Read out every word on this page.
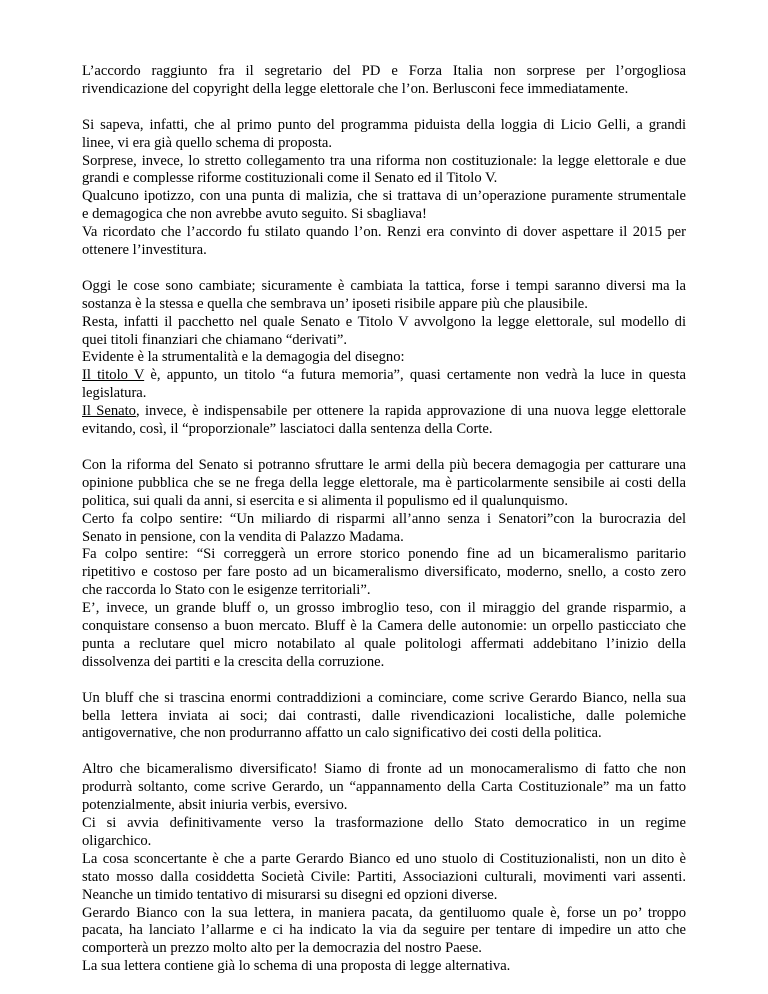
L’accordo raggiunto fra il segretario del PD e Forza Italia non sorprese per l’orgogliosa
rivendicazione del copyright della legge elettorale che l’on. Berlusconi fece immediatamente.

Si sapeva, infatti, che al primo punto del programma piduista della loggia di Licio Gelli, a grandi
linee, vi era già quello schema di proposta.
Sorprese, invece, lo stretto collegamento tra una riforma non costituzionale: la legge elettorale e due
grandi e complesse riforme costituzionali come il Senato ed il Titolo V.
Qualcuno ipotizzo, con una punta di malizia, che si trattava di un’operazione puramente strumentale
e demagogica che non avrebbe avuto seguito. Si sbagliava!
Va ricordato che l’accordo fu stilato quando l’on. Renzi era convinto di dover aspettare il 2015 per
ottenere l’investitura.

Oggi le cose sono cambiate; sicuramente è cambiata la tattica, forse i tempi saranno diversi ma la
sostanza è la stessa e quella che sembrava un’ iposeti risibile appare più che plausibile.
Resta, infatti il pacchetto nel quale Senato e Titolo V avvolgono la legge elettorale, sul modello di
quei titoli finanziari che chiamano “derivati”.
Evidente è la strumentalità e la demagogia del disegno:
Il titolo V è, appunto, un titolo “a futura memoria”, quasi certamente non vedrà la luce in questa
legislatura.
Il Senato, invece, è indispensabile per ottenere la rapida approvazione di una nuova legge elettorale
evitando, così, il “proporzionale” lasciatoci dalla sentenza della Corte.

Con la riforma del Senato si potranno sfruttare le armi della più becera demagogia per catturare una
opinione pubblica che se ne frega della legge elettorale, ma è particolarmente sensibile ai costi della
politica, sui quali da anni, si esercita e si alimenta il populismo ed il qualunquismo.
Certo fa colpo sentire: “Un miliardo di risparmi all’anno senza i Senatori”con la burocrazia del
Senato in pensione, con la vendita di Palazzo Madama.
Fa colpo sentire: “Si correggerà un errore storico ponendo fine ad un bicameralismo paritario
ripetitivo e costoso per fare posto ad un bicameralismo diversificato, moderno, snello, a costo zero
che raccorda lo Stato con le esigenze territoriali”.
E’, invece, un grande bluff o, un grosso imbroglio teso, con il miraggio del grande risparmio, a
conquistare consenso a buon mercato. Bluff è la Camera delle autonomie: un orpello pasticciato che
punta a reclutare quel micro notabilato al quale politologi affermati addebitano l’inizio della
dissolvenza dei partiti e la crescita della corruzione.

Un bluff che si trascina enormi contraddizioni a cominciare, come scrive Gerardo Bianco, nella sua
bella lettera inviata ai soci; dai contrasti, dalle rivendicazioni localistiche, dalle polemiche
antigovernative, che non produrranno affatto un calo significativo dei costi della politica.

Altro che bicameralismo diversificato! Siamo di fronte ad un monocameralismo di fatto che non
produrrà soltanto, come scrive Gerardo, un “appannamento della Carta Costituzionale” ma un fatto
potenzialmente, absit iniuria verbis, eversivo.
Ci si avvia definitivamente verso la trasformazione dello Stato democratico in un regime
oligarchico.
La cosa sconcertante è che a parte Gerardo Bianco ed uno stuolo di Costituzionalisti, non un dito è
stato mosso dalla cosiddetta Società Civile: Partiti, Associazioni culturali, movimenti vari assenti.
Neanche un timido tentativo di misurarsi su disegni ed opzioni diverse.
Gerardo Bianco con la sua lettera, in maniera pacata, da gentiluomo quale è, forse un po’ troppo
pacata, ha lanciato l’allarme e ci ha indicato la via da seguire per tentare di impedire un atto che
comporterà un prezzo molto alto per la democrazia del nostro Paese.
La sua lettera contiene già lo schema di una proposta di legge alternativa.
